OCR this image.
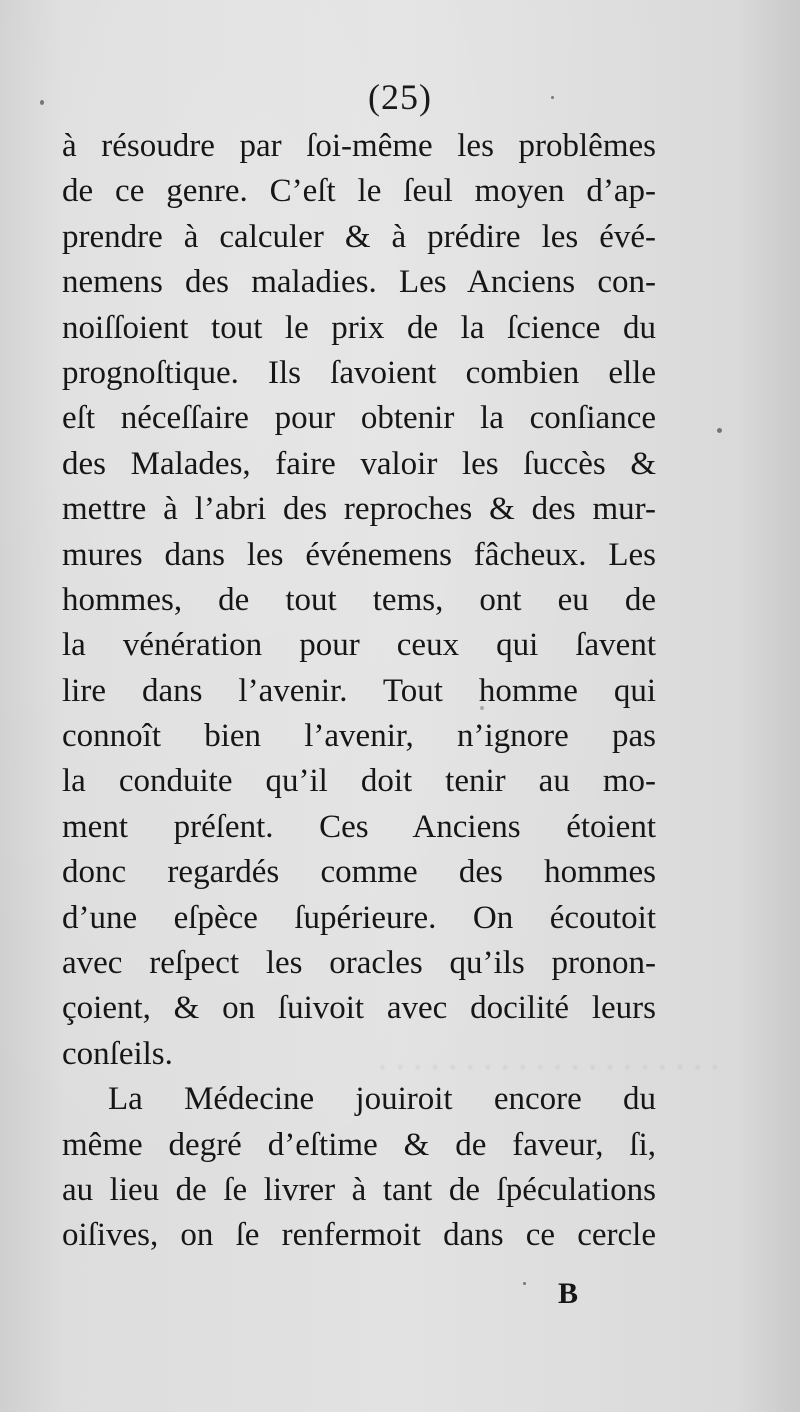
· · · · · · · · · · · · · · · · · · · ·
(25)
à résoudre par ſoi-même les problêmes
de ce genre. C’eſt le ſeul moyen d’ap-
prendre à calculer & à prédire les évé-
nemens des maladies. Les Anciens con-
noiſſoient tout le prix de la ſcience du
prognoſtique. Ils ſavoient combien elle
eſt néceſſaire pour obtenir la conſiance
des Malades, faire valoir les ſuccès &
mettre à l’abri des reproches & des mur-
mures dans les événemens fâcheux. Les
hommes, de tout tems, ont eu de
la vénération pour ceux qui ſavent
lire dans l’avenir. Tout homme qui
connoît bien l’avenir, n’ignore pas
la conduite qu’il doit tenir au mo-
ment préſent. Ces Anciens étoient
donc regardés comme des hommes
d’une eſpèce ſupérieure. On écoutoit
avec reſpect les oracles qu’ils pronon-
çoient, & on ſuivoit avec docilité leurs
conſeils.
La Médecine jouiroit encore du
même degré d’eſtime & de faveur, ſi,
au lieu de ſe livrer à tant de ſpéculations
oiſives, on ſe renfermoit dans ce cercle
B
